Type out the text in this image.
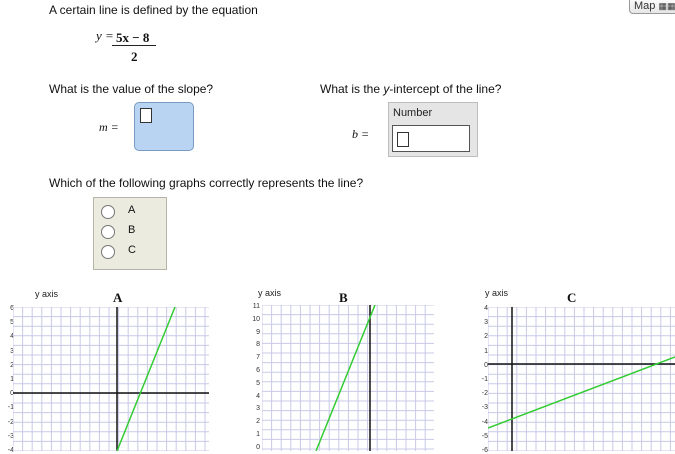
Map ▦▦
A certain line is defined by the equation
y = 5x − 8
2
What is the value of the slope?	What is the y-intercept of the line?
m =
Number
b =
Which of the following graphs correctly represents the line?
A
B
C
y axis	A
6
5
4
3
2
1
0
-1
-2
-3
-4
y axis	B
11
10
9
8
7
6
5
4
3
2
1
0
y axis	C
4
3
2
1
0
-1
-2
-3
-4
-5
-6
